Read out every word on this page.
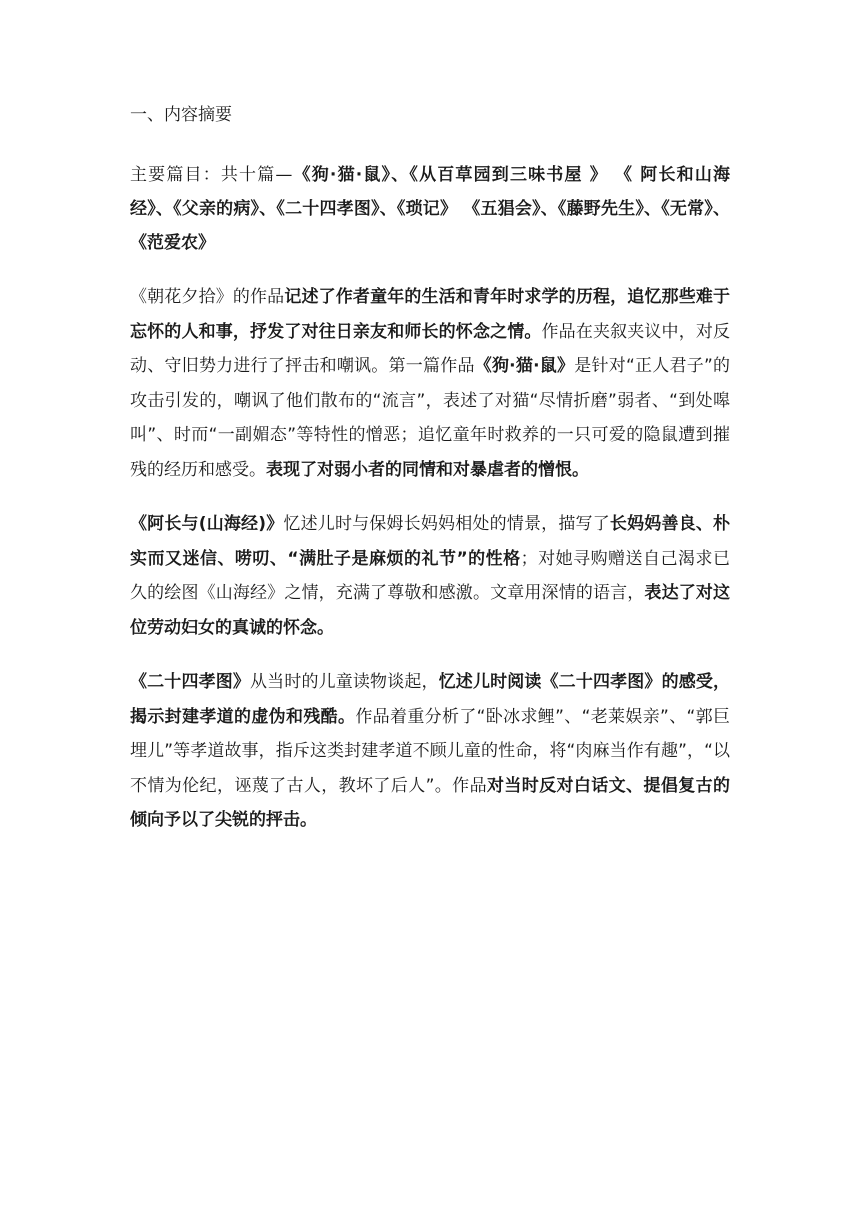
一、内容摘要

主要篇目：共十篇—《狗·猫·鼠》、《从百草园到三味书屋 》 《 阿长和山海经》、《父亲的病》、《二十四孝图》、《琐记》 《五猖会》、《藤野先生》、《无常》、《范爱农》

《朝花夕拾》的作品记述了作者童年的生活和青年时求学的历程，追忆那些难于忘怀的人和事，抒发了对往日亲友和师长的怀念之情。作品在夹叙夹议中，对反动、守旧势力进行了抨击和嘲讽。第一篇作品《狗·猫·鼠》是针对“正人君子”的攻击引发的，嘲讽了他们散布的“流言”，表述了对猫“尽情折磨”弱者、“到处嗥叫”、时而“一副媚态”等特性的憎恶；追忆童年时救养的一只可爱的隐鼠遭到摧残的经历和感受。表现了对弱小者的同情和对暴虐者的憎恨。

《阿长与(山海经)》忆述儿时与保姆长妈妈相处的情景，描写了长妈妈善良、朴实而又迷信、唠叨、“满肚子是麻烦的礼节”的性格；对她寻购赠送自己渴求已久的绘图《山海经》之情，充满了尊敬和感激。文章用深情的语言，表达了对这位劳动妇女的真诚的怀念。

《二十四孝图》从当时的儿童读物谈起，忆述儿时阅读《二十四孝图》的感受，揭示封建孝道的虚伪和残酷。作品着重分析了“卧冰求鲤”、“老莱娱亲”、“郭巨埋儿”等孝道故事，指斥这类封建孝道不顾儿童的性命，将“肉麻当作有趣”，“以不情为伦纪，诬蔑了古人，教坏了后人”。作品对当时反对白话文、提倡复古的倾向予以了尖锐的抨击。
